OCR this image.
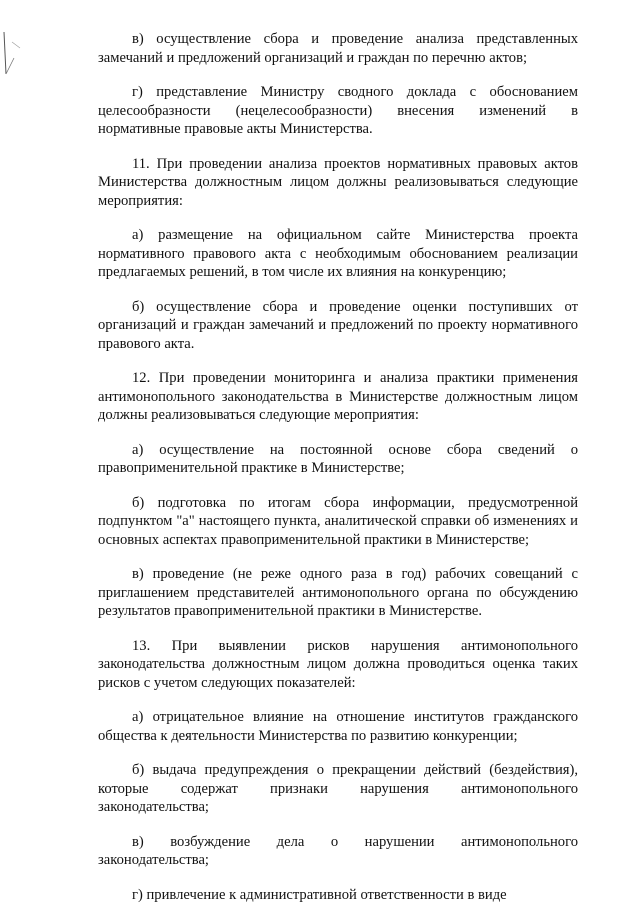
в) осуществление сбора и проведение анализа представленных замечаний и предложений организаций и граждан по перечню актов;

г) представление Министру сводного доклада с обоснованием целесообразности (нецелесообразности) внесения изменений в нормативные правовые акты Министерства.

11. При проведении анализа проектов нормативных правовых актов Министерства должностным лицом должны реализовываться следующие мероприятия:

а) размещение на официальном сайте Министерства проекта нормативного правового акта с необходимым обоснованием реализации предлагаемых решений, в том числе их влияния на конкуренцию;

б) осуществление сбора и проведение оценки поступивших от организаций и граждан замечаний и предложений по проекту нормативного правового акта.

12. При проведении мониторинга и анализа практики применения антимонопольного законодательства в Министерстве должностным лицом должны реализовываться следующие мероприятия:

а) осуществление на постоянной основе сбора сведений о правоприменительной практике в Министерстве;

б) подготовка по итогам сбора информации, предусмотренной подпунктом "а" настоящего пункта, аналитической справки об изменениях и основных аспектах правоприменительной практики в Министерстве;

в) проведение (не реже одного раза в год) рабочих совещаний с приглашением представителей антимонопольного органа по обсуждению результатов правоприменительной практики в Министерстве.

13. При выявлении рисков нарушения антимонопольного законодательства должностным лицом должна проводиться оценка таких рисков с учетом следующих показателей:

а) отрицательное влияние на отношение институтов гражданского общества к деятельности Министерства по развитию конкуренции;

б) выдача предупреждения о прекращении действий (бездействия), которые содержат признаки нарушения антимонопольного законодательства;

в) возбуждение дела о нарушении антимонопольного законодательства;

г) привлечение к административной ответственности в виде
